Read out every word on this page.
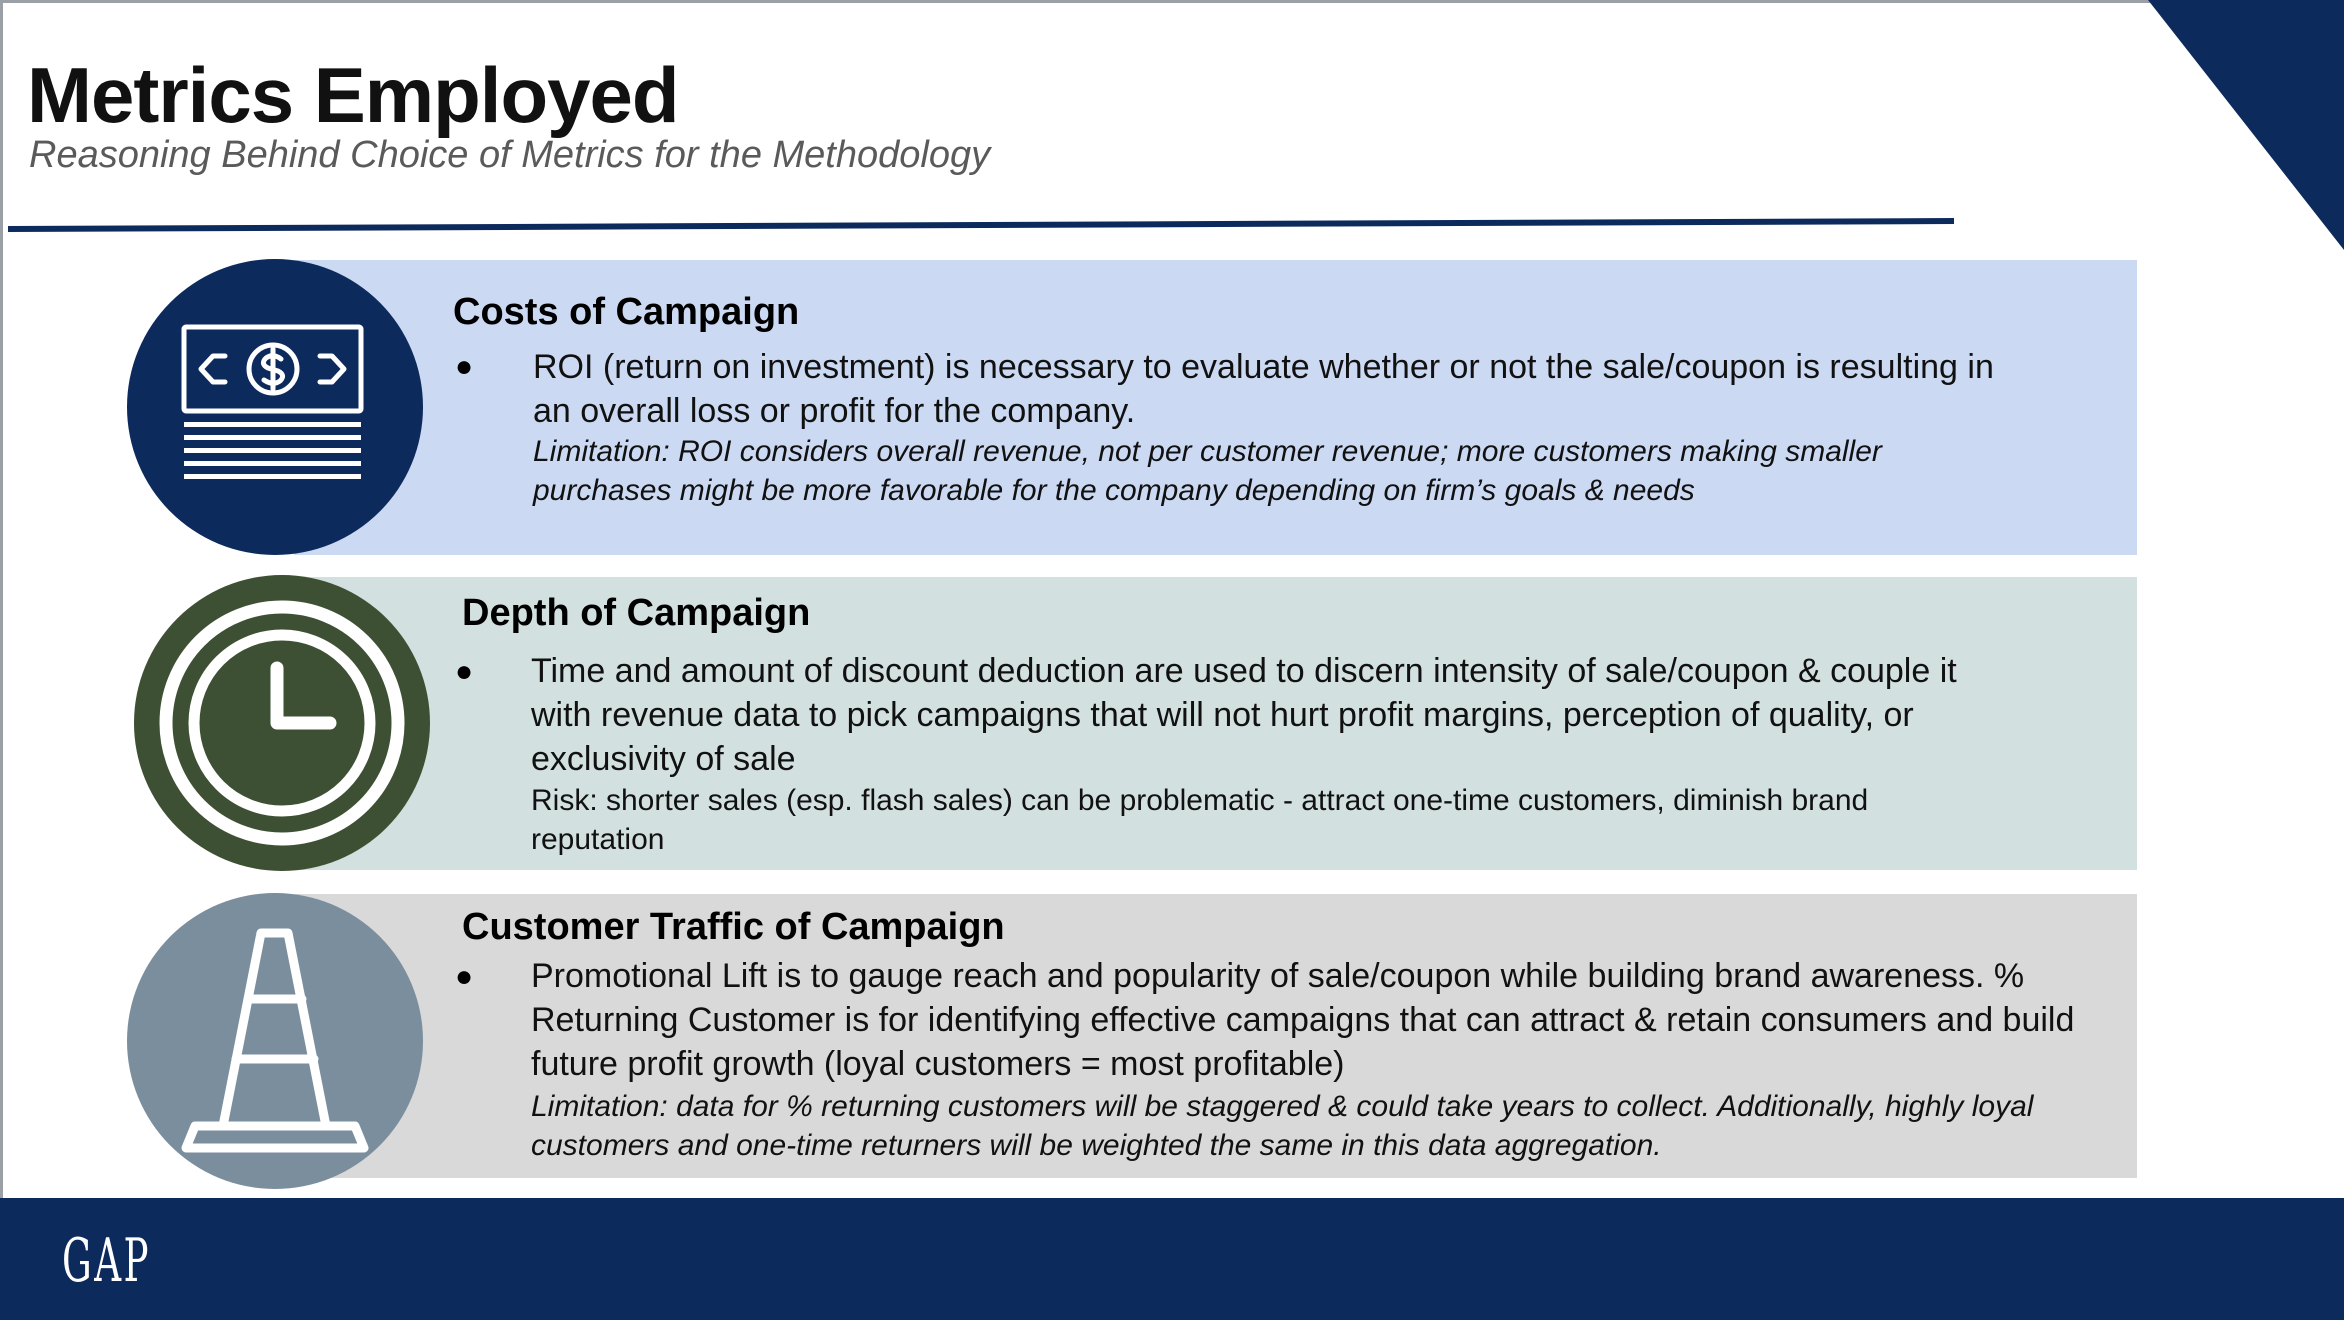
Metrics Employed
Reasoning Behind Choice of Metrics for the Methodology
Costs of Campaign
● ROI (return on investment) is necessary to evaluate whether or not the sale/coupon is resulting in an overall loss or profit for the company.
Limitation: ROI considers overall revenue, not per customer revenue; more customers making smaller purchases might be more favorable for the company depending on firm’s goals & needs
Depth of Campaign
● Time and amount of discount deduction are used to discern intensity of sale/coupon & couple it with revenue data to pick campaigns that will not hurt profit margins, perception of quality, or exclusivity of sale
Risk: shorter sales (esp. flash sales) can be problematic - attract one-time customers, diminish brand reputation
Customer Traffic of Campaign
● Promotional Lift is to gauge reach and popularity of sale/coupon while building brand awareness. % Returning Customer is for identifying effective campaigns that can attract & retain consumers and build future profit growth (loyal customers = most profitable)
Limitation: data for % returning customers will be staggered & could take years to collect. Additionally, highly loyal customers and one-time returners will be weighted the same in this data aggregation.
GAP
